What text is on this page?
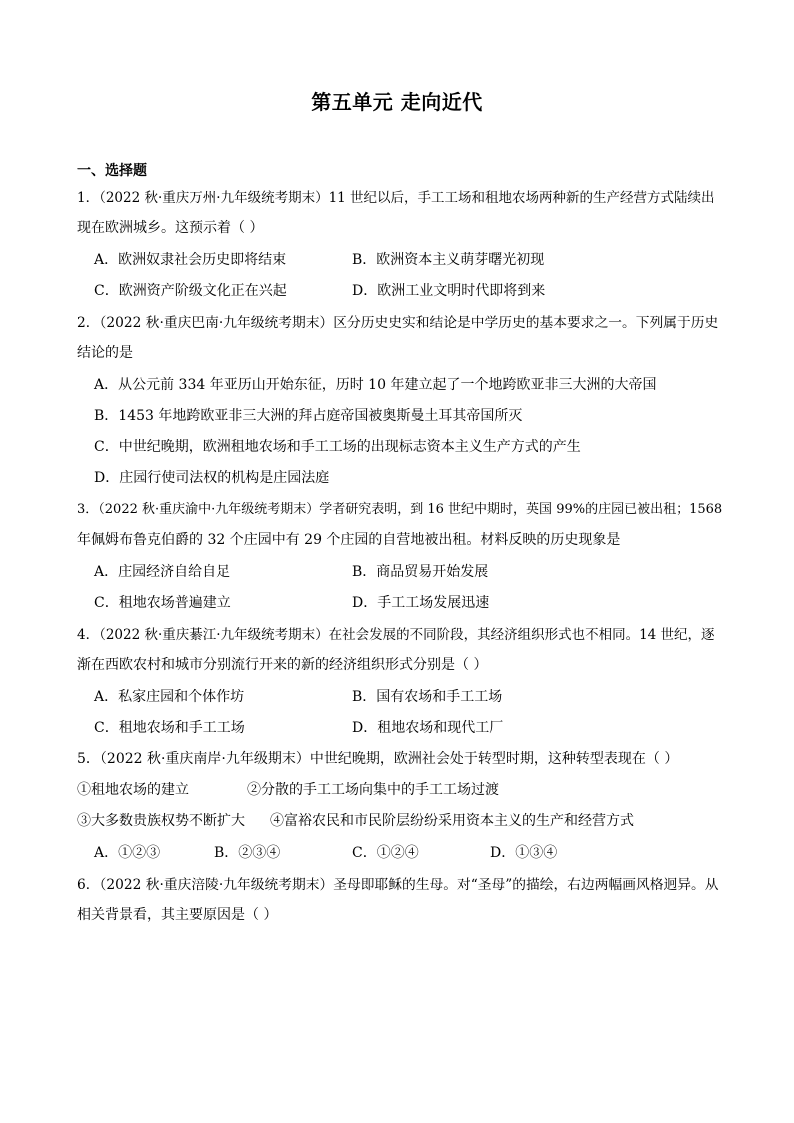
第五单元 走向近代
一、选择题
1．（2022 秋·重庆万州·九年级统考期末）11 世纪以后，手工工场和租地农场两种新的生产经营方式陆续出
现在欧洲城乡。这预示着（ ）
A．欧洲奴隶社会历史即将结束	B．欧洲资本主义萌芽曙光初现
C．欧洲资产阶级文化正在兴起	D．欧洲工业文明时代即将到来
2．（2022 秋·重庆巴南·九年级统考期末）区分历史史实和结论是中学历史的基本要求之一。下列属于历史
结论的是
A．从公元前 334 年亚历山开始东征，历时 10 年建立起了一个地跨欧亚非三大洲的大帝国
B．1453 年地跨欧亚非三大洲的拜占庭帝国被奥斯曼土耳其帝国所灭
C．中世纪晚期，欧洲租地农场和手工工场的出现标志资本主义生产方式的产生
D．庄园行使司法权的机构是庄园法庭
3．（2022 秋·重庆渝中·九年级统考期末）学者研究表明，到 16 世纪中期时，英国 99%的庄园已被出租；1568
年佩姆布鲁克伯爵的 32 个庄园中有 29 个庄园的自营地被出租。材料反映的历史现象是
A．庄园经济自给自足	B．商品贸易开始发展
C．租地农场普遍建立	D．手工工场发展迅速
4．（2022 秋·重庆綦江·九年级统考期末）在社会发展的不同阶段，其经济组织形式也不相同。14 世纪，逐
渐在西欧农村和城市分别流行开来的新的经济组织形式分别是（ ）
A．私家庄园和个体作坊	B．国有农场和手工工场
C．租地农场和手工工场	D．租地农场和现代工厂
5．（2022 秋·重庆南岸·九年级期末）中世纪晚期，欧洲社会处于转型时期，这种转型表现在（ ）
①租地农场的建立	②分散的手工工场向集中的手工工场过渡
③大多数贵族权势不断扩大 ④富裕农民和市民阶层纷纷采用资本主义的生产和经营方式
A．①②③	B．②③④	C．①②④	D．①③④
6．（2022 秋·重庆涪陵·九年级统考期末）圣母即耶稣的生母。对“圣母”的描绘，右边两幅画风格迥异。从
相关背景看，其主要原因是（ ）
